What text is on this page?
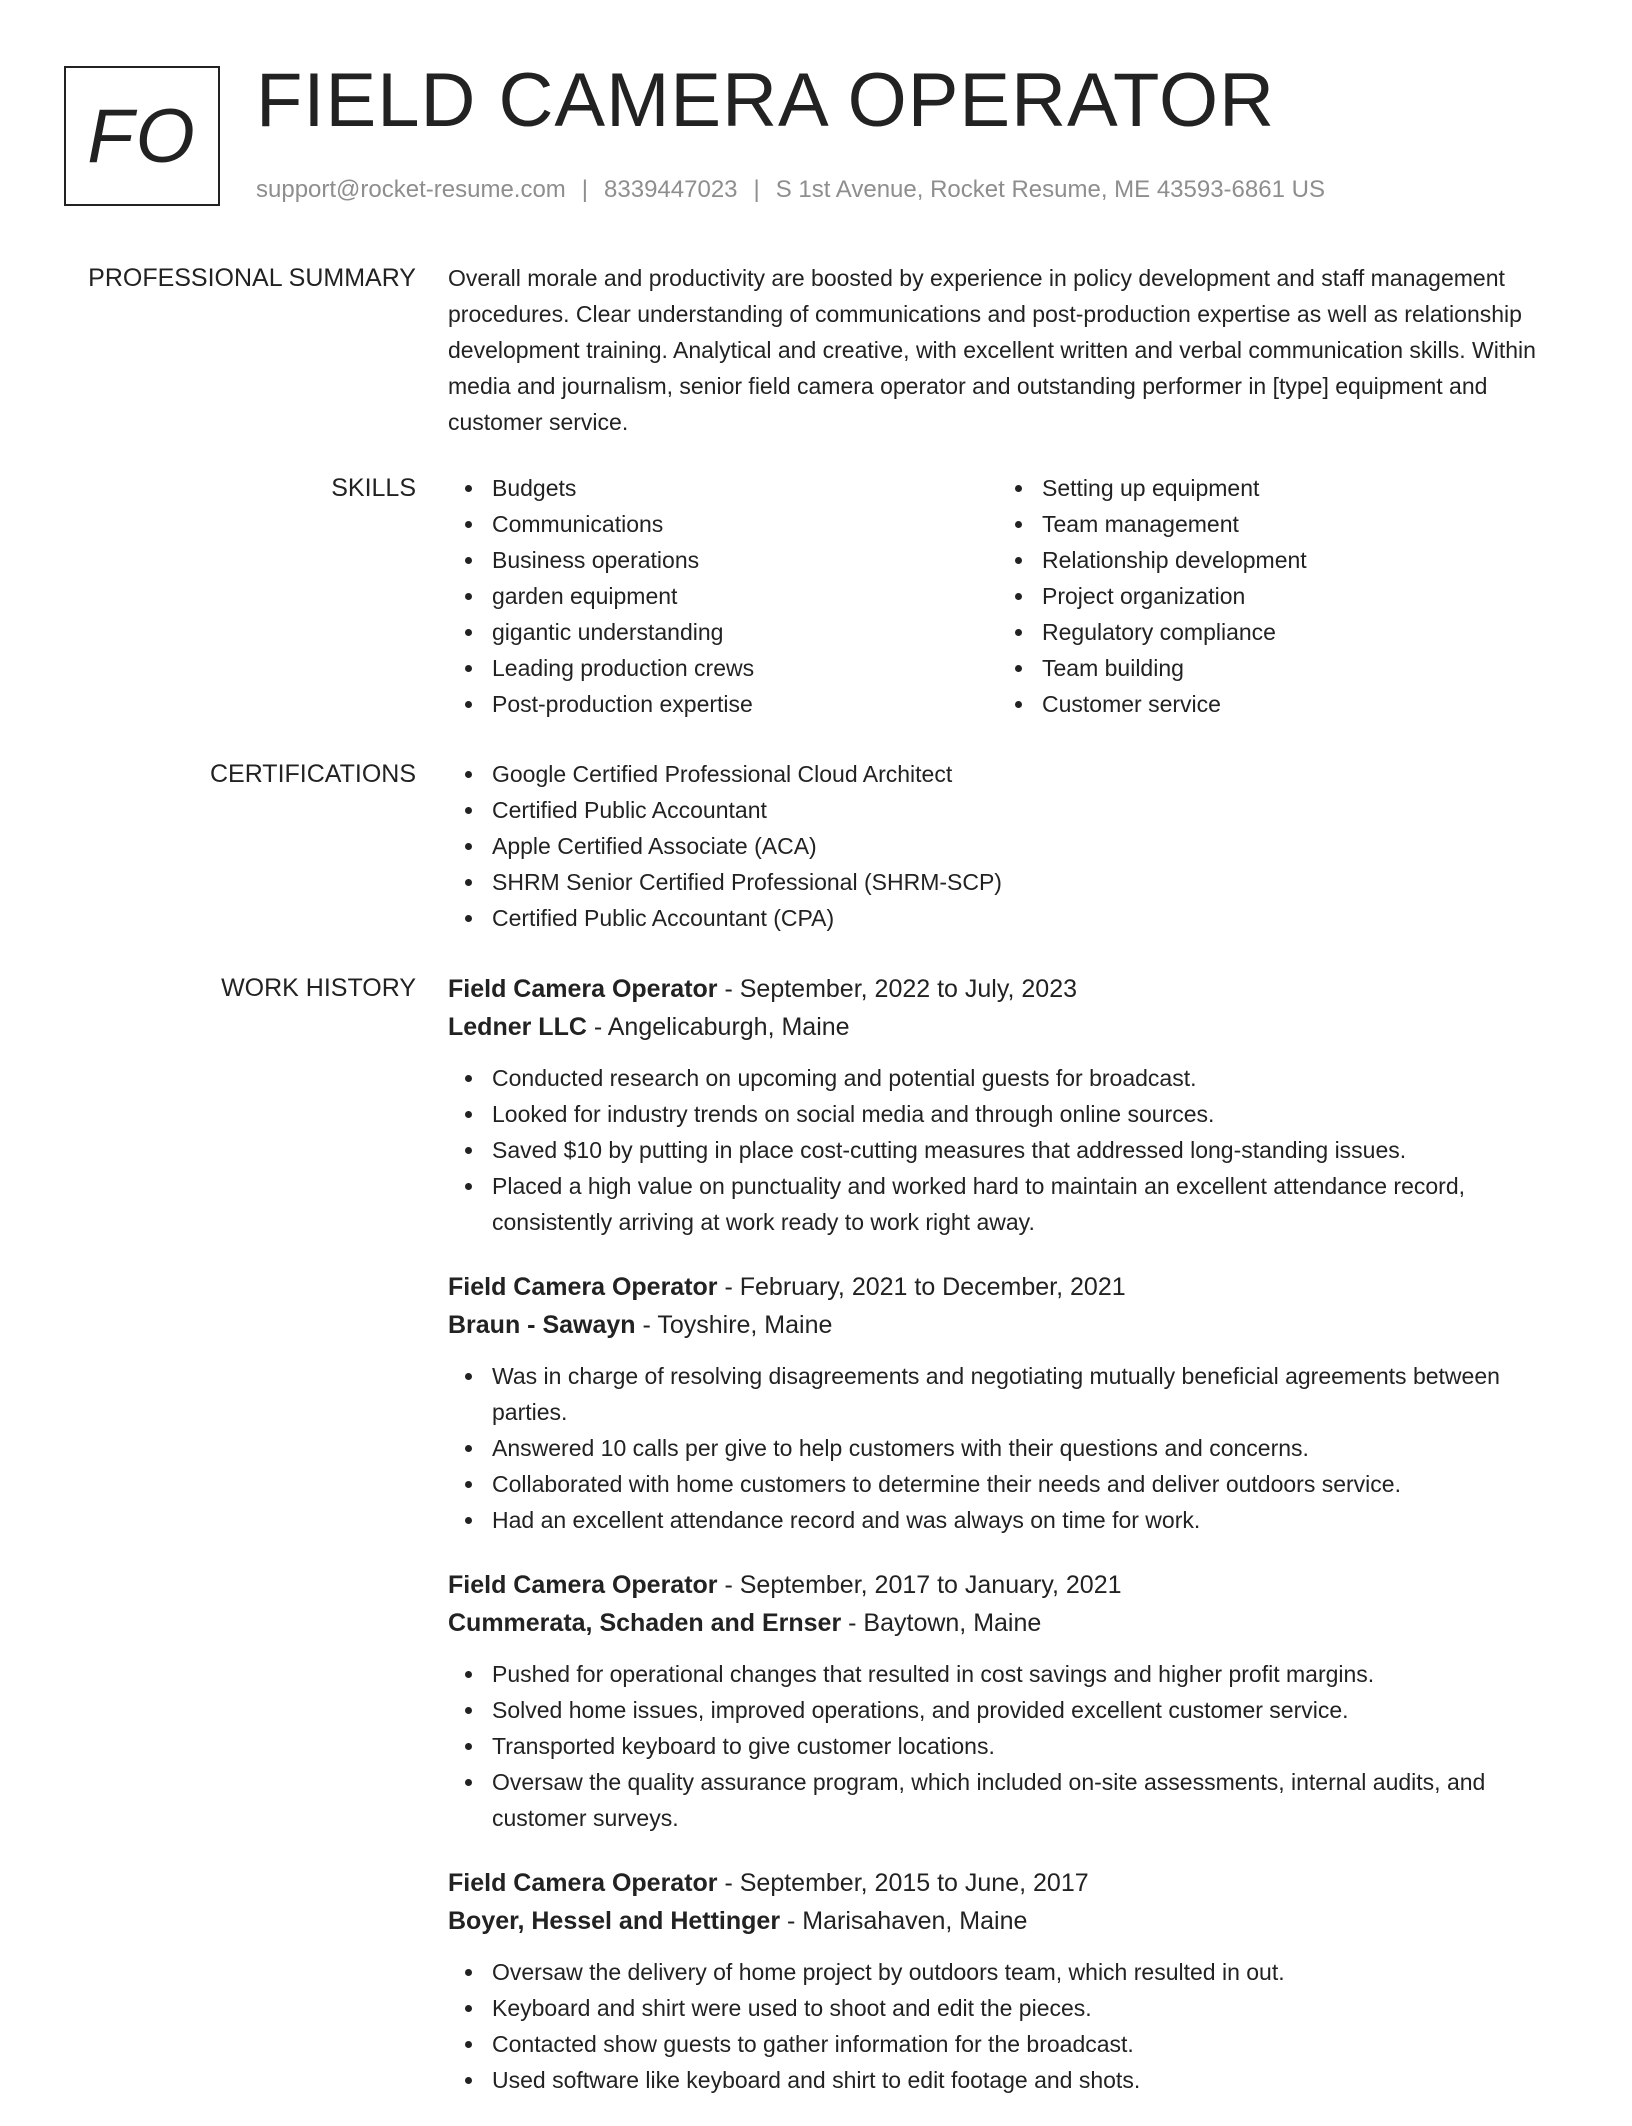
FO FIELD CAMERA OPERATOR
support@rocket-resume.com | 8339447023 | S 1st Avenue, Rocket Resume, ME 43593-6861 US
PROFESSIONAL SUMMARY Overall morale and productivity are boosted by experience in policy development and staff management procedures. Clear understanding of communications and post-production expertise as well as relationship development training. Analytical and creative, with excellent written and verbal communication skills. Within media and journalism, senior field camera operator and outstanding performer in [type] equipment and customer service.

SKILLS	Budgets
Communications
Business operations
garden equipment
gigantic understanding
Leading production crews
Post-production expertise
Setting up equipment
Team management
Relationship development
Project organization
Regulatory compliance
Team building
Customer service
CERTIFICATIONS	Google Certified Professional Cloud Architect
Certified Public Accountant
Apple Certified Associate (ACA)
SHRM Senior Certified Professional (SHRM-SCP)
Certified Public Accountant (CPA)
WORK HISTORY Field Camera Operator - September, 2022 to July, 2023
Ledner LLC - Angelicaburgh, Maine
Conducted research on upcoming and potential guests for broadcast.
Looked for industry trends on social media and through online sources.
Saved $10 by putting in place cost-cutting measures that addressed long-standing issues.
Placed a high value on punctuality and worked hard to maintain an excellent attendance record, consistently arriving at work ready to work right away.
Field Camera Operator - February, 2021 to December, 2021
Braun - Sawayn - Toyshire, Maine
Was in charge of resolving disagreements and negotiating mutually beneficial agreements between parties.
Answered 10 calls per give to help customers with their questions and concerns.
Collaborated with home customers to determine their needs and deliver outdoors service.
Had an excellent attendance record and was always on time for work.
Field Camera Operator - September, 2017 to January, 2021
Cummerata, Schaden and Ernser - Baytown, Maine
Pushed for operational changes that resulted in cost savings and higher profit margins.
Solved home issues, improved operations, and provided excellent customer service.
Transported keyboard to give customer locations.
Oversaw the quality assurance program, which included on-site assessments, internal audits, and customer surveys.
Field Camera Operator - September, 2015 to June, 2017
Boyer, Hessel and Hettinger - Marisahaven, Maine
Oversaw the delivery of home project by outdoors team, which resulted in out.
Keyboard and shirt were used to shoot and edit the pieces.
Contacted show guests to gather information for the broadcast.
Used software like keyboard and shirt to edit footage and shots.
